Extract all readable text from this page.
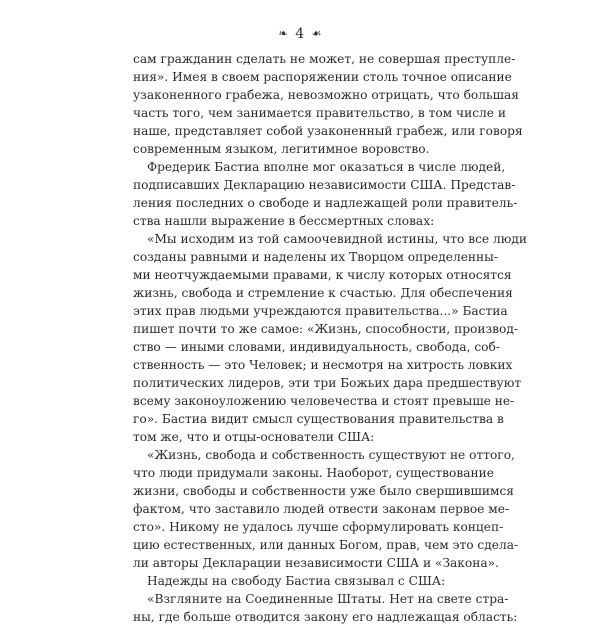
❧ 4 ☙
сам гражданин сделать не может, не совершая преступле-
ния». Имея в своем распоряжении столь точное описание
узаконенного грабежа, невозможно отрицать, что большая
часть того, чем занимается правительство, в том числе и
наше, представляет собой узаконенный грабеж, или говоря
современным языком, легитимное воровство.
Фредерик Бастиа вполне мог оказаться в числе людей,
подписавших Декларацию независимости США. Представ-
ления последних о свободе и надлежащей роли правитель-
ства нашли выражение в бессмертных словах:
«Мы исходим из той самоочевидной истины, что все люди
созданы равными и наделены их Творцом определенны-
ми неотчуждаемыми правами, к числу которых относятся
жизнь, свобода и стремление к счастью. Для обеспечения
этих прав людьми учреждаются правительства...» Бастиа
пишет почти то же самое: «Жизнь, способности, производ-
ство — иными словами, индивидуальность, свобода, соб-
ственность — это Человек; и несмотря на хитрость ловких
политических лидеров, эти три Божьих дара предшествуют
всему законоуложению человечества и стоят превыше не-
го». Бастиа видит смысл существования правительства в
том же, что и отцы-основатели США:
«Жизнь, свобода и собственность существуют не оттого,
что люди придумали законы. Наоборот, существование
жизни, свободы и собственности уже было свершившимся
фактом, что заставило людей отвести законам первое ме-
сто». Никому не удалось лучше сформулировать концеп-
цию естественных, или данных Богом, прав, чем это сдела-
ли авторы Декларации независимости США и «Закона».
Надежды на свободу Бастиа связывал с США:
«Взгляните на Соединенные Штаты. Нет на свете стра-
ны, где больше отводится закону его надлежащая область:
